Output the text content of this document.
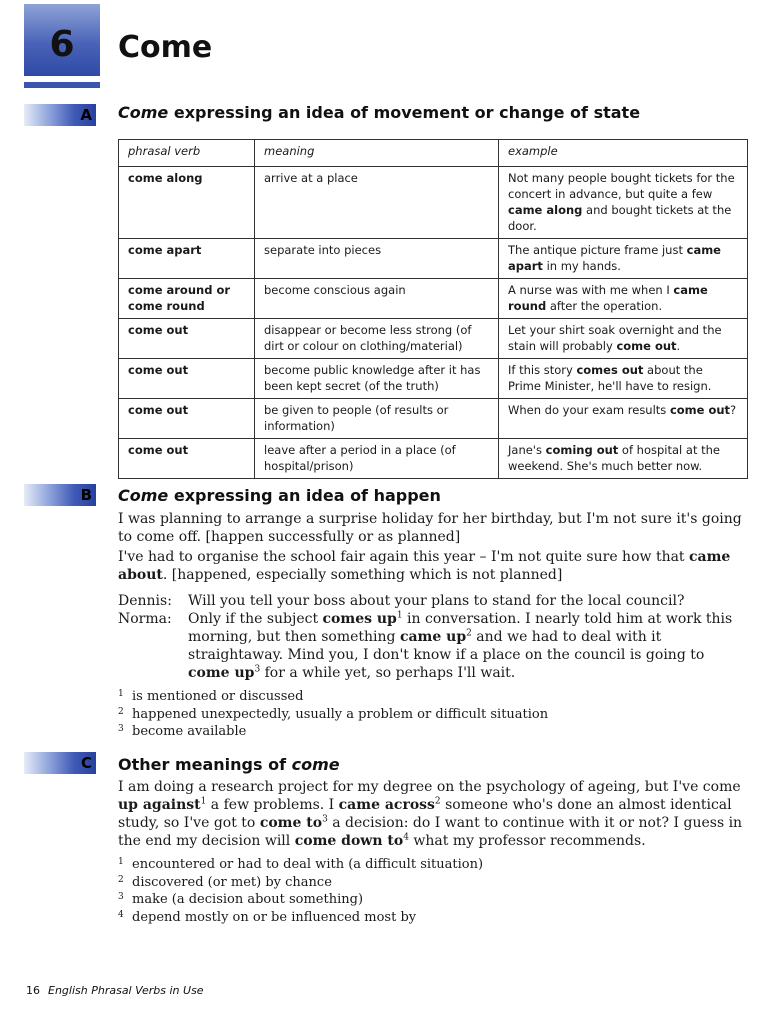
6	Come
A Come expressing an idea of movement or change of state
phrasal verb	meaning	example
come along	arrive at a place	Not many people bought tickets for the concert in advance, but quite a few came along and bought tickets at the door.
come apart	separate into pieces	The antique picture frame just came apart in my hands.
come around or come round	become conscious again	A nurse was with me when I came round after the operation.
come out	disappear or become less strong (of dirt or colour on clothing/material)	Let your shirt soak overnight and the stain will probably come out.
come out	become public knowledge after it has been kept secret (of the truth)	If this story comes out about the Prime Minister, he'll have to resign.
come out	be given to people (of results or information)	When do your exam results come out?
come out	leave after a period in a place (of hospital/prison)	Jane's coming out of hospital at the weekend. She's much better now.
B Come expressing an idea of happen
I was planning to arrange a surprise holiday for her birthday, but I'm not sure it's going to come off. [happen successfully or as planned]
I've had to organise the school fair again this year – I'm not quite sure how that came about. [happened, especially something which is not planned]
Dennis:	Will you tell your boss about your plans to stand for the local council?
Norma:	Only if the subject comes $up^1$ in conversation. I nearly told him at work this morning, but then something came $up^2$ and we had to deal with it straightaway. Mind you, I don't know if a place on the council is going to come $up^3$ for a while yet, so perhaps I'll wait.
1 is mentioned or discussed
2 happened unexpectedly, usually a problem or difficult situation
3 become available
C Other meanings of come
I am doing a research project for my degree on the psychology of ageing, but I've come up against$^1$ a few problems. I came across$^2$ someone who's done an almost identical study, so I've got to come $to^3$ a decision: do I want to continue with it or not? I guess in the end my decision will come down $to^4$ what my professor recommends.
1 encountered or had to deal with (a difficult situation)
2 discovered (or met) by chance
3 make (a decision about something)
4 depend mostly on or be influenced most by
16 English Phrasal Verbs in Use
